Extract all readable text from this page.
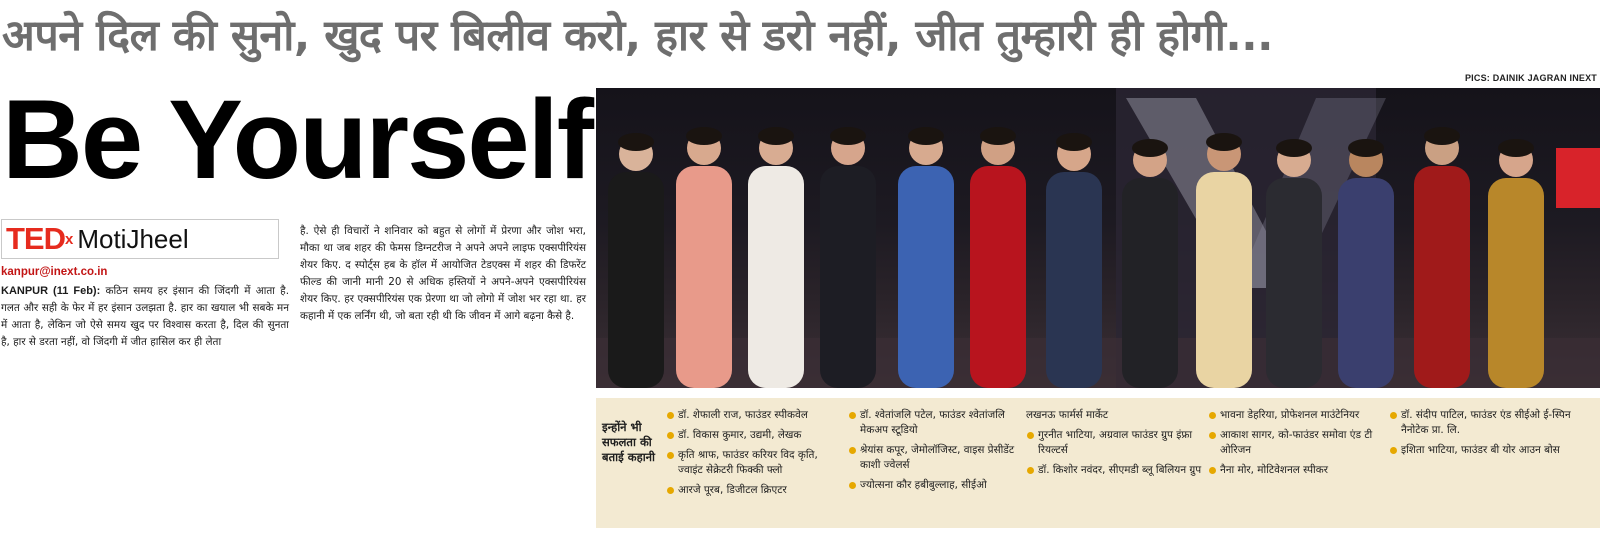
अपने दिल की सुनो, खुद पर बिलीव करो, हार से डरो नहीं, जीत तुम्हारी ही होगी...
PICS: DAINIK JAGRAN INEXT
Be Yourself
TED x MotiJheel
kanpur@inext.co.in
KANPUR (11 Feb): कठिन समय हर इंसान की जिंदगी में आता है. गलत और सही के फेर में हर इंसान उलझता है. हार का खयाल भी सबके मन में आता है, लेकिन जो ऐसे समय खुद पर विश्वास करता है, दिल की सुनता है, हार से डरता नहीं, वो जिंदगी में जीत हासिल कर ही लेता
है. ऐसे ही विचारों ने शनिवार को बहुत से लोगों में प्रेरणा और जोश भरा, मौका था जब शहर की फेमस डिग्नटरीज ने अपने अपने लाइफ एक्सपीरियंस शेयर किए. द स्पोर्ट्स हब के हॉल में आयोजित टेडएक्स में शहर की डिफरेंट फील्ड की जानी मानी 20 से अधिक हस्तियों ने अपने-अपने एक्सपीरियंस शेयर किए. हर एक्सपीरियंस एक प्रेरणा था जो लोगो में जोश भर रहा था. हर कहानी में एक लर्निंग थी, जो बता रही थी कि जीवन में आगे बढ़ना कैसे है.
इन्होंने भी सफलता की बताई कहानी
डॉ. शेफाली राज, फाउंडर स्पीकवेल
डॉ. विकास कुमार, उद्यमी, लेखक
कृति श्राफ, फाउंडर करियर विद कृति, ज्वाइंट सेक्रेटरी फिक्की फ्लो
आरजे पूरब, डिजीटल क्रिएटर
डॉ. श्वेतांजलि पटेल, फाउंडर श्वेतांजलि मेकअप स्टूडियो
श्रेयांस कपूर, जेमोलॉजिस्ट, वाइस प्रेसीडेंट काशी ज्वेलर्स
ज्योत्सना कौर हबीबुल्लाह, सीईओ
लखनऊ फार्मर्स मार्केट
गुरनीत भाटिया, अग्रवाल फाउंडर ग्रुप इंफ्रा रियल्टर्स
डॉ. किशोर नवंदर, सीएमडी ब्लू बिलियन ग्रुप
भावना डेहरिया, प्रोफेशनल माउंटेनियर
आकाश सागर, को-फाउंडर समोवा एंड टी ओरिजन
नैना मोर, मोटिवेशनल स्पीकर
डॉ. संदीप पाटिल, फाउंडर एंड सीईओ ई-स्पिन नैनोटेक प्रा. लि.
इशिता भाटिया, फाउंडर बी योर आउन बोस
